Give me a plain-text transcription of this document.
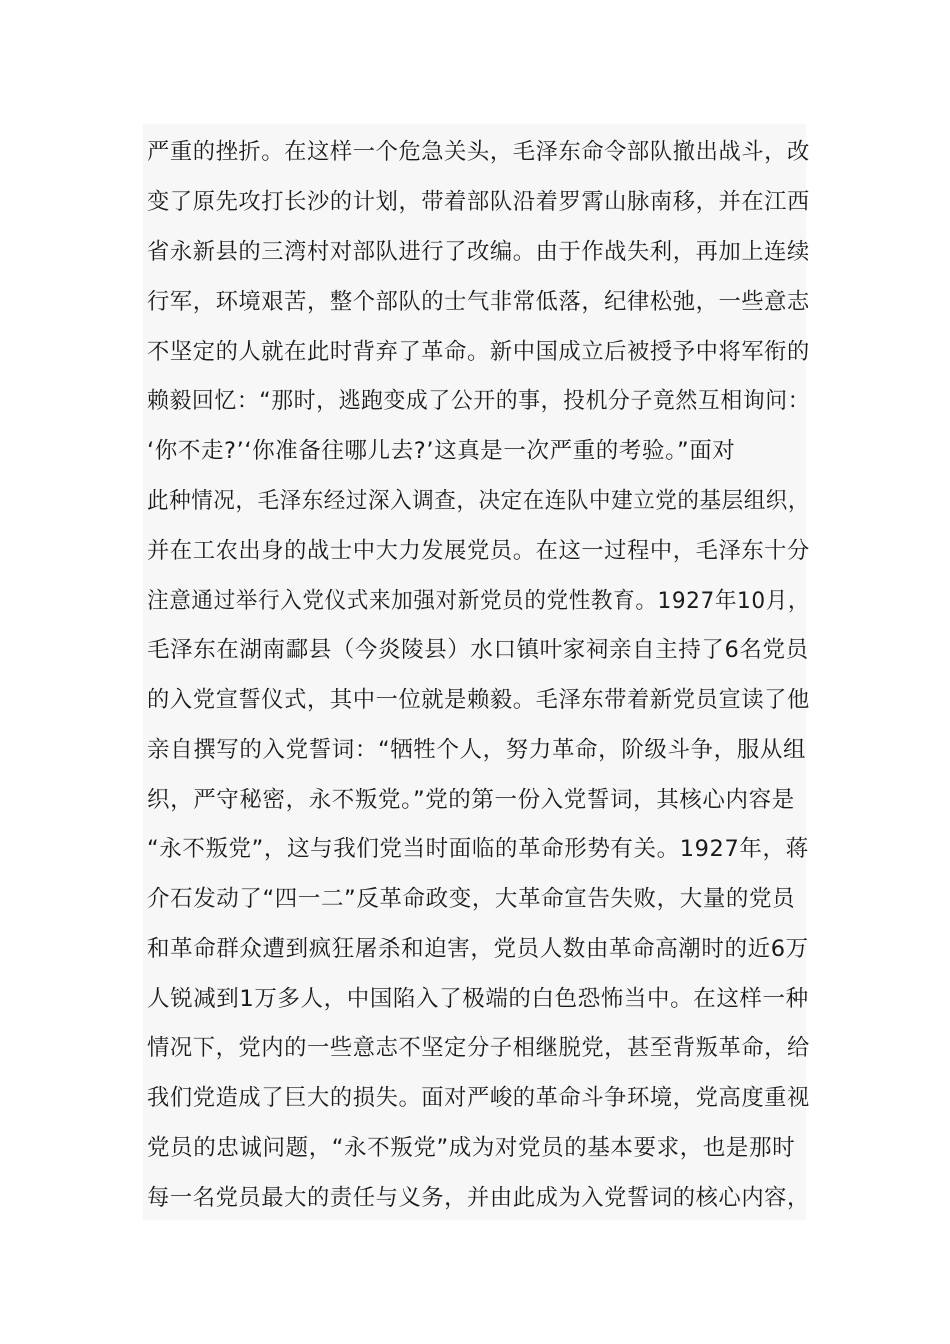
严重的挫折。在这样一个危急关头，毛泽东命令部队撤出战斗，改
变了原先攻打长沙的计划，带着部队沿着罗霄山脉南移，并在江西
省永新县的三湾村对部队进行了改编。由于作战失利，再加上连续
行军，环境艰苦，整个部队的士气非常低落，纪律松弛，一些意志
不坚定的人就在此时背弃了革命。新中国成立后被授予中将军衔的
赖毅回忆：“那时，逃跑变成了公开的事，投机分子竟然互相询问：
‘你不走?’‘你准备往哪儿去?’这真是一次严重的考验。”面对
此种情况，毛泽东经过深入调查，决定在连队中建立党的基层组织，
并在工农出身的战士中大力发展党员。在这一过程中，毛泽东十分
注意通过举行入党仪式来加强对新党员的党性教育。1927年10月，
毛泽东在湖南酃县（今炎陵县）水口镇叶家祠亲自主持了6名党员
的入党宣誓仪式，其中一位就是赖毅。毛泽东带着新党员宣读了他
亲自撰写的入党誓词：“牺牲个人，努力革命，阶级斗争，服从组
织，严守秘密，永不叛党。”党的第一份入党誓词，其核心内容是
“永不叛党”，这与我们党当时面临的革命形势有关。1927年，蒋
介石发动了“四一二”反革命政变，大革命宣告失败，大量的党员
和革命群众遭到疯狂屠杀和迫害，党员人数由革命高潮时的近6万
人锐减到1万多人，中国陷入了极端的白色恐怖当中。在这样一种
情况下，党内的一些意志不坚定分子相继脱党，甚至背叛革命，给
我们党造成了巨大的损失。面对严峻的革命斗争环境，党高度重视
党员的忠诚问题，“永不叛党”成为对党员的基本要求，也是那时
每一名党员最大的责任与义务，并由此成为入党誓词的核心内容，
